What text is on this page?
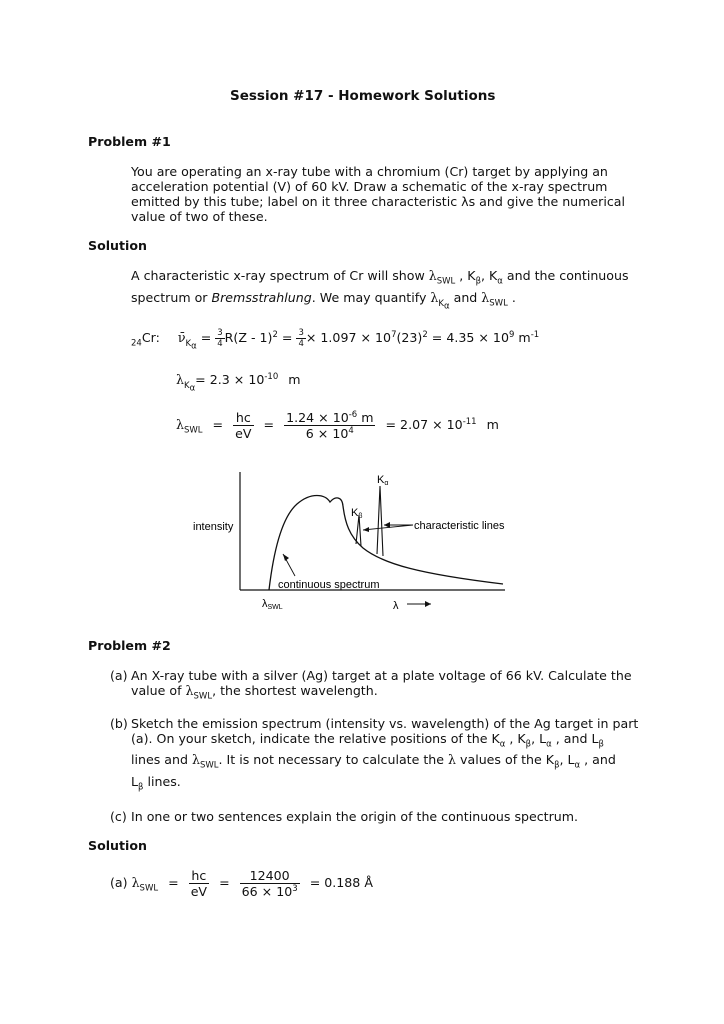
Session #17 - Homework Solutions
Problem #1
You are operating an x-ray tube with a chromium (Cr) target by applying an
acceleration potential (V) of 60 kV. Draw a schematic of the x-ray spectrum
emitted by this tube; label on it three characteristic λs and give the numerical
value of two of these.
Solution
A characteristic x-ray spectrum of Cr will show $\lambda_{SWL}$ , $K_\beta$, $K_\alpha$ and the continuous
spectrum or Bremsstrahlung. We may quantify $\lambda_{K_\alpha}$ and $\lambda_{SWL}$ .
$_{24}$Cr: $\nū_{K_\alpha} = \frac{3}{4} R(Z - 1)^2 = \frac{3}{4} \times 1.097 \times 10^7(23)^2 = 4.35 \times 10^9$ $m^{-1}$
$\lambda_{K_\alpha}= 2.3 \times 10^{-10}$ m
$\lambda_{SWL} = \frac{hc}{eV} = \frac{1.24 \times 10^{-6} m}{6 \times 10^4} = 2.07 \times 10^{-11}$ m
intensity
Kα
Kβ
characteristic lines
continuous spectrum
λSWL	λ
Problem #2
(a) An X-ray tube with a silver (Ag) target at a plate voltage of 66 kV. Calculate the
value of $\lambda_{SWL}$, the shortest wavelength.
(b) Sketch the emission spectrum (intensity vs. wavelength) of the Ag target in part
(a). On your sketch, indicate the relative positions of the $K_\alpha$ , $K_\beta$, $L_\alpha$ , and $L_\beta$
lines and $\lambda_{SWL}$. It is not necessary to calculate the λ values of the $K_\beta$, $L_\alpha$ , and
$L_\beta$ lines.
(c) In one or two sentences explain the origin of the continuous spectrum.
Solution
(a) $\lambda_{SWL} = \frac{hc}{eV} = \frac{12400}{66 \times 10^3} = 0.188$ Å
